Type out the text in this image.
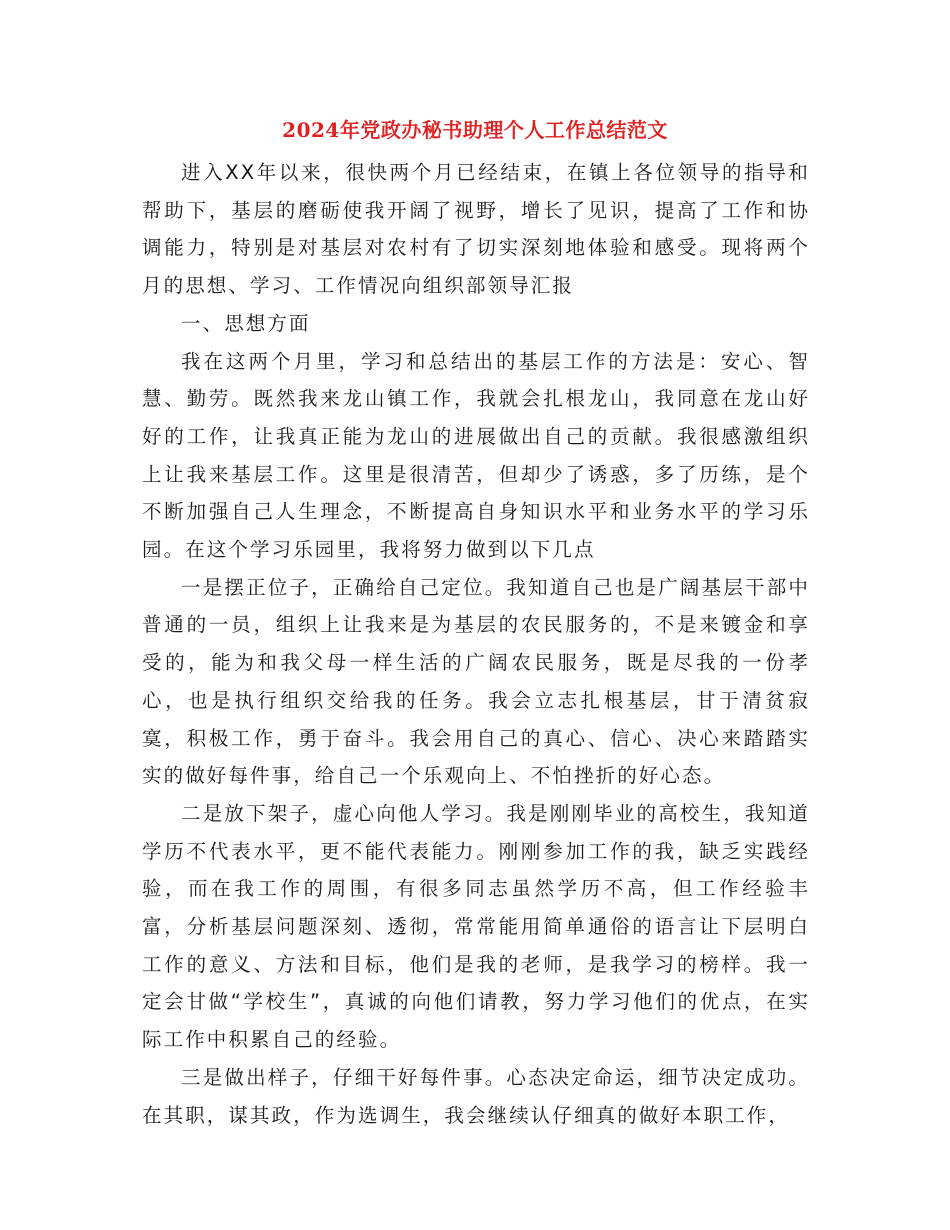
2024年党政办秘书助理个人工作总结范文

进入XX年以来，很快两个月已经结束，在镇上各位领导的指导和帮助下，基层的磨砺使我开阔了视野，增长了见识，提高了工作和协调能力，特别是对基层对农村有了切实深刻地体验和感受。现将两个月的思想、学习、工作情况向组织部领导汇报

一、思想方面

我在这两个月里，学习和总结出的基层工作的方法是：安心、智慧、勤劳。既然我来龙山镇工作，我就会扎根龙山，我同意在龙山好好的工作，让我真正能为龙山的进展做出自己的贡献。我很感激组织上让我来基层工作。这里是很清苦，但却少了诱惑，多了历练，是个不断加强自己人生理念，不断提高自身知识水平和业务水平的学习乐园。在这个学习乐园里，我将努力做到以下几点

一是摆正位子，正确给自己定位。我知道自己也是广阔基层干部中普通的一员，组织上让我来是为基层的农民服务的，不是来镀金和享受的，能为和我父母一样生活的广阔农民服务，既是尽我的一份孝心，也是执行组织交给我的任务。我会立志扎根基层，甘于清贫寂寞，积极工作，勇于奋斗。我会用自己的真心、信心、决心来踏踏实实的做好每件事，给自己一个乐观向上、不怕挫折的好心态。

二是放下架子，虚心向他人学习。我是刚刚毕业的高校生，我知道学历不代表水平，更不能代表能力。刚刚参加工作的我，缺乏实践经验，而在我工作的周围，有很多同志虽然学历不高，但工作经验丰富，分析基层问题深刻、透彻，常常能用简单通俗的语言让下层明白工作的意义、方法和目标，他们是我的老师，是我学习的榜样。我一定会甘做“学校生”，真诚的向他们请教，努力学习他们的优点，在实际工作中积累自己的经验。

三是做出样子，仔细干好每件事。心态决定命运，细节决定成功。在其职，谋其政，作为选调生，我会继续认仔细真的做好本职工作，
